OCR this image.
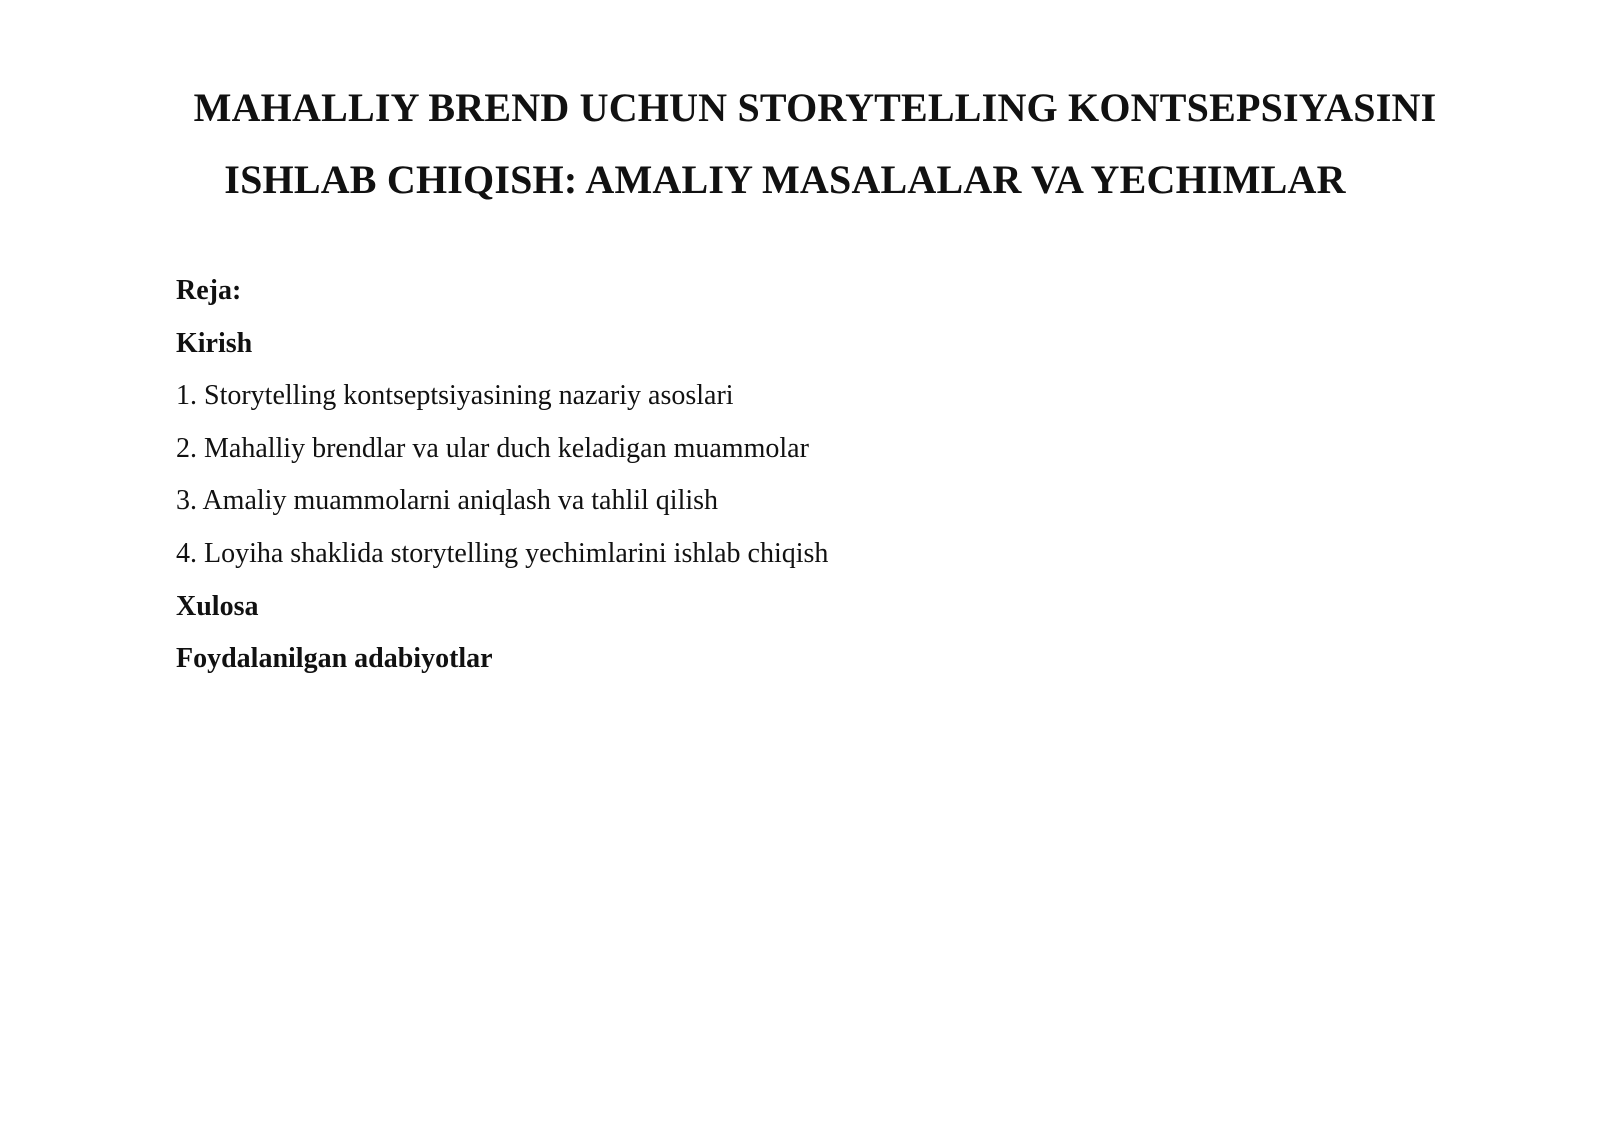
MAHALLIY BREND UCHUN STORYTELLING KONTSEPSIYASINI
ISHLAB CHIQISH: AMALIY MASALALAR VA YECHIMLAR
Reja:
Kirish
1. Storytelling kontseptsiyasining nazariy asoslari
2. Mahalliy brendlar va ular duch keladigan muammolar
3. Amaliy muammolarni aniqlash va tahlil qilish
4. Loyiha shaklida storytelling yechimlarini ishlab chiqish
Xulosa
Foydalanilgan adabiyotlar
